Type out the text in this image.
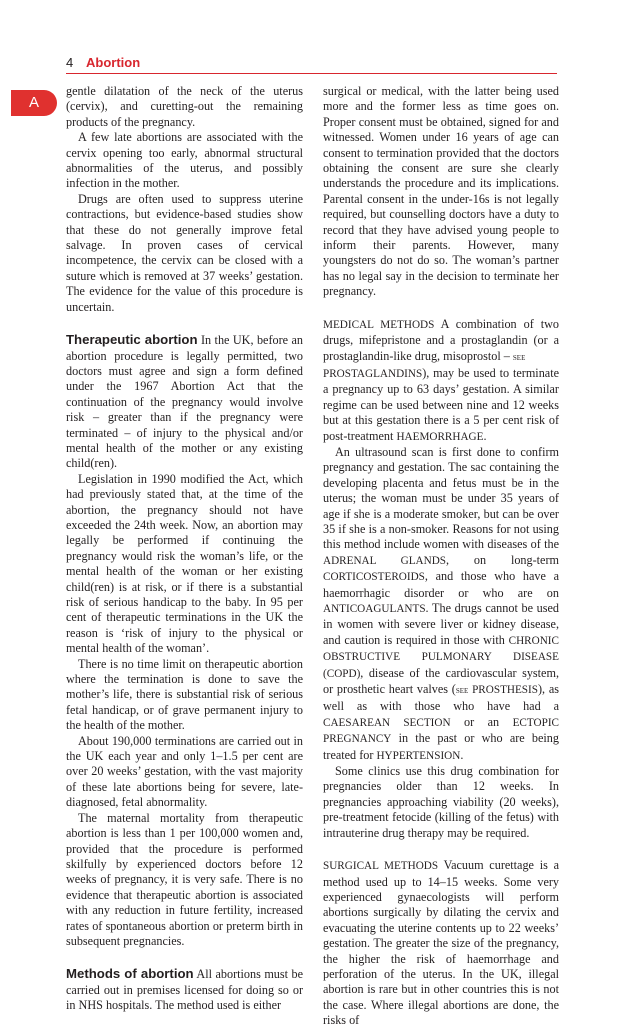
4 Abortion
A

gentle dilatation of the neck of the uterus (cervix), and curetting-out the remaining products of the pregnancy.

A few late abortions are associated with the cervix opening too early, abnormal structural abnormalities of the uterus, and possibly infection in the mother.

Drugs are often used to suppress uterine contractions, but evidence-based studies show that these do not generally improve fetal salvage. In proven cases of cervical incompetence, the cervix can be closed with a suture which is removed at 37 weeks’ gestation. The evidence for the value of this procedure is uncertain.

Therapeutic abortion In the UK, before an abortion procedure is legally permitted, two doctors must agree and sign a form defined under the 1967 Abortion Act that the continuation of the pregnancy would involve risk – greater than if the pregnancy were terminated – of injury to the physical and/or mental health of the mother or any existing child(ren).

Legislation in 1990 modified the Act, which had previously stated that, at the time of the abortion, the pregnancy should not have exceeded the 24th week. Now, an abortion may legally be performed if continuing the pregnancy would risk the woman’s life, or the mental health of the woman or her existing child(ren) is at risk, or if there is a substantial risk of serious handicap to the baby. In 95 per cent of therapeutic terminations in the UK the reason is ‘risk of injury to the physical or mental health of the woman’.

There is no time limit on therapeutic abortion where the termination is done to save the mother’s life, there is substantial risk of serious fetal handicap, or of grave permanent injury to the health of the mother.

About 190,000 terminations are carried out in the UK each year and only 1–1.5 per cent are over 20 weeks’ gestation, with the vast majority of these late abortions being for severe, late-diagnosed, fetal abnormality.

The maternal mortality from therapeutic abortion is less than 1 per 100,000 women and, provided that the procedure is performed skilfully by experienced doctors before 12 weeks of pregnancy, it is very safe. There is no evidence that therapeutic abortion is associated with any reduction in future fertility, increased rates of spontaneous abortion or preterm birth in subsequent pregnancies.

Methods of abortion All abortions must be carried out in premises licensed for doing so or in NHS hospitals. The method used is either

surgical or medical, with the latter being used more and the former less as time goes on. Proper consent must be obtained, signed for and witnessed. Women under 16 years of age can consent to termination provided that the doctors obtaining the consent are sure she clearly understands the procedure and its implications. Parental consent in the under-16s is not legally required, but counselling doctors have a duty to record that they have advised young people to inform their parents. However, many youngsters do not do so. The woman’s partner has no legal say in the decision to terminate her pregnancy.

MEDICAL METHODS A combination of two drugs, mifepristone and a prostaglandin (or a prostaglandin-like drug, misoprostol – see
PROSTAGLANDINS), may be used to terminate a pregnancy up to 63 days’ gestation. A similar regime can be used between nine and 12 weeks but at this gestation there is a 5 per cent risk of post-treatment HAEMORRHAGE.

An ultrasound scan is first done to confirm pregnancy and gestation. The sac containing the developing placenta and fetus must be in the uterus; the woman must be under 35 years of age if she is a moderate smoker, but can be over 35 if she is a non-smoker. Reasons for not using this method include women with diseases of the ADRENAL GLANDS, on long-term CORTICOSTEROIDS, and those who have a haemorrhagic disorder or who are on ANTICOAGULANTS. The drugs cannot be used in women with severe liver or kidney disease, and caution is required in those with CHRONIC OBSTRUCTIVE PULMONARY DISEASE (COPD), disease of the cardiovascular system, or prosthetic heart valves (see PROSTHESIS), as well as with those who have had a CAESAREAN SECTION or an ECTOPIC PREGNANCY in the past or who are being treated for HYPERTENSION.

Some clinics use this drug combination for pregnancies older than 12 weeks. In pregnancies approaching viability (20 weeks), pre-treatment fetocide (killing of the fetus) with intrauterine drug therapy may be required.

SURGICAL METHODS Vacuum curettage is a method used up to 14–15 weeks. Some very experienced gynaecologists will perform abortions surgically by dilating the cervix and evacuating the uterine contents up to 22 weeks’ gestation. The greater the size of the pregnancy, the higher the risk of haemorrhage and perforation of the uterus. In the UK, illegal abortion is rare but in other countries this is not the case. Where illegal abortions are done, the risks of
